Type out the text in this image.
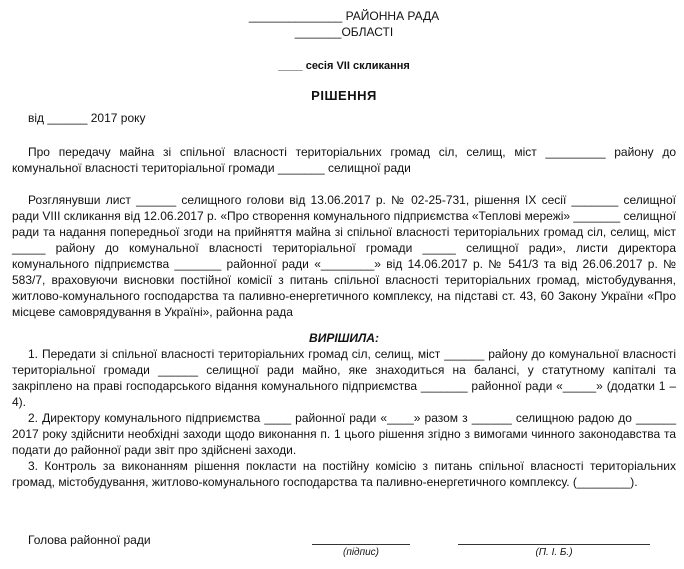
______________ РАЙОННА РАДА
_______ОБЛАСТІ
____ сесія VII скликання
РІШЕННЯ
від ______ 2017 року
Про передачу майна зі спільної власності територіальних громад сіл, селищ, міст _________ району до комунальної власності територіальної громади _______ селищної ради
Розглянувши лист ______ селищного голови від 13.06.2017 р. № 02-25-731, рішення IX сесії _______ селищної ради VIII скликання від 12.06.2017 р. «Про створення комунального підприємства «Теплові мережі» _______ селищної ради та надання попередньої згоди на прийняття майна зі спільної власності територіальних громад сіл, селищ, міст _____ району до комунальної власності територіальної громади _____ селищної ради», листи директора комунального підприємства _______ районної ради «________» від 14.06.2017 р. № 541/3 та від 26.06.2017 р. № 583/7, враховуючи висновки постійної комісії з питань спільної власності територіальних громад, містобудування, житлово-комунального господарства та паливно-енергетичного комплексу, на підставі ст. 43, 60 Закону України «Про місцеве самоврядування в Україні», районна рада
ВИРІШИЛА:
1. Передати зі спільної власності територіальних громад сіл, селищ, міст ______ району до комунальної власності територіальної громади ______ селищної ради майно, яке знаходиться на балансі, у статутному капіталі та закріплено на праві господарського відання комунального підприємства _______ районної ради «_____» (додатки 1 – 4).
2. Директору комунального підприємства ____ районної ради «____» разом з ______ селищною радою до ______ 2017 року здійснити необхідні заходи щодо виконання п. 1 цього рішення згідно з вимогами чинного законодавства та подати до районної ради звіт про здійснені заходи.
3. Контроль за виконанням рішення покласти на постійну комісію з питань спільної власності територіальних громад, містобудування, житлово-комунального господарства та паливно-енергетичного комплексу. (________).
Голова районної ради
(підпис)	(П. І. Б.)
